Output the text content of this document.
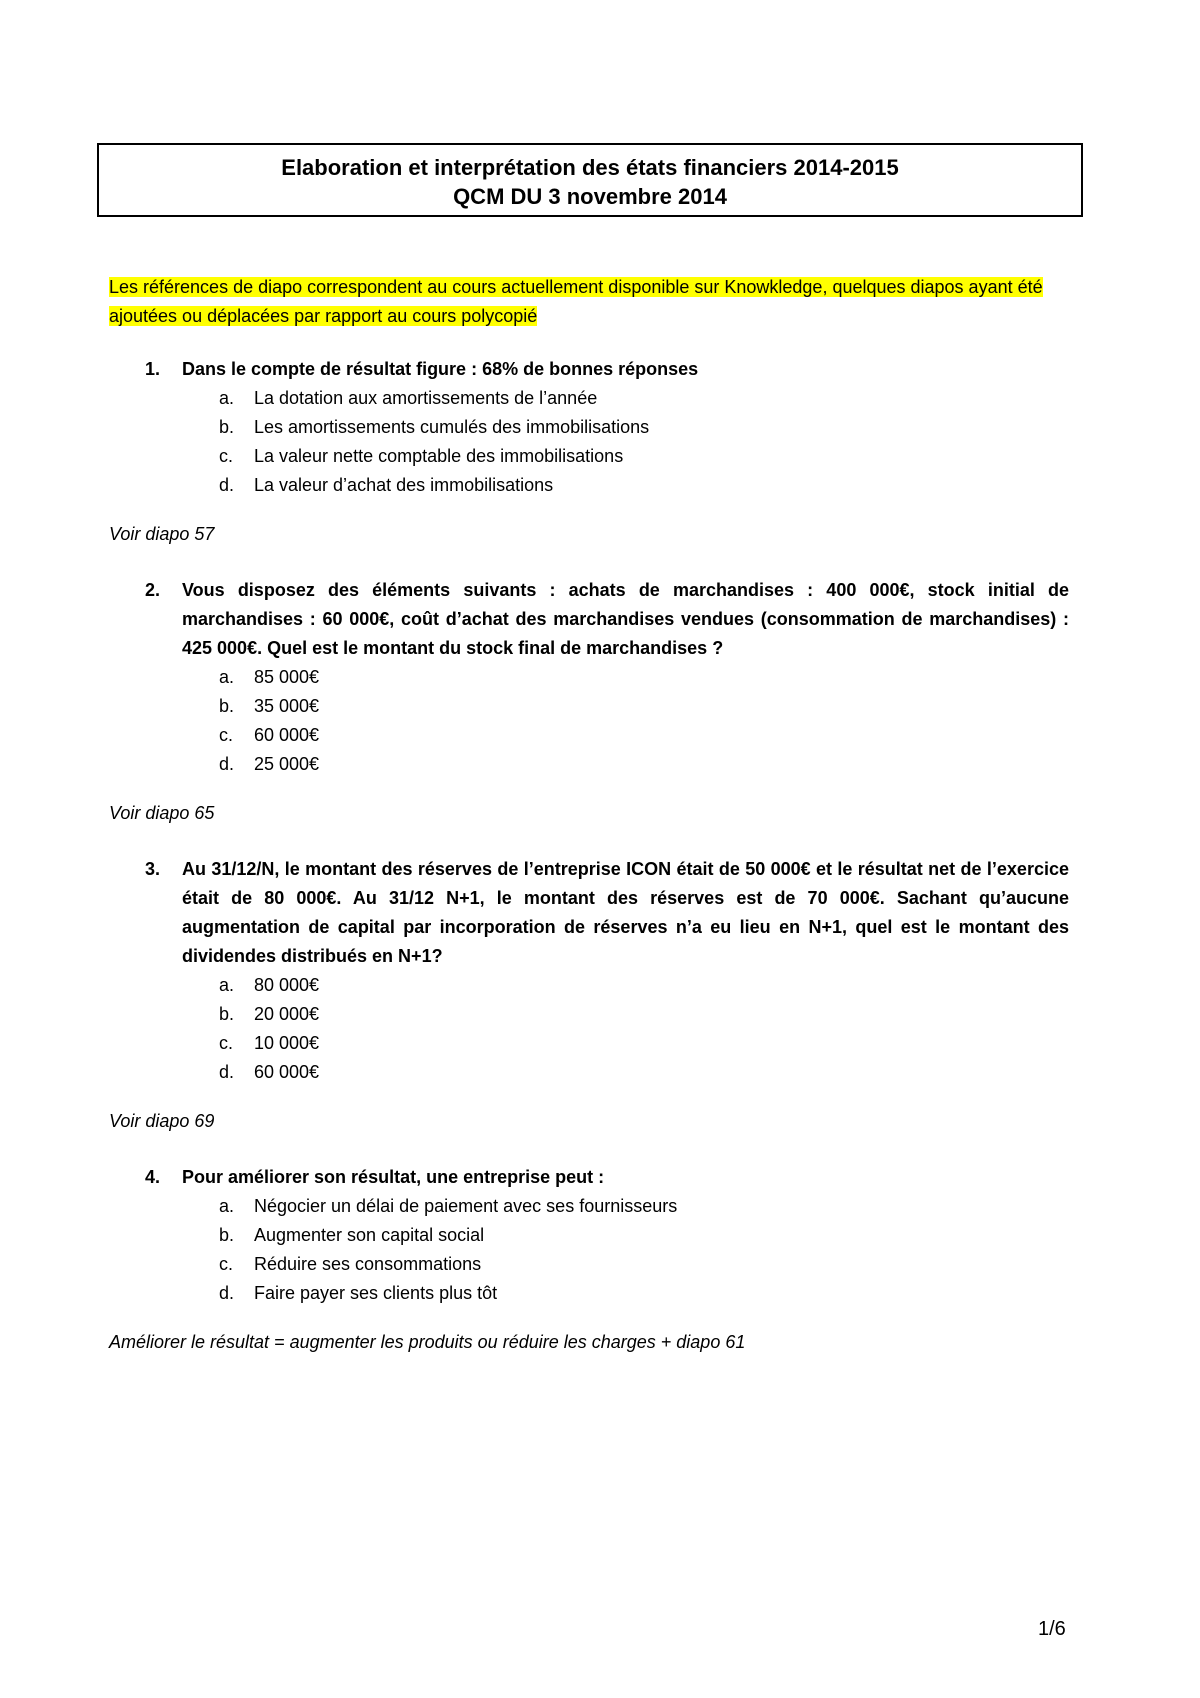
Elaboration et interprétation des états financiers 2014-2015
QCM DU 3 novembre 2014
Les références de diapo correspondent au cours actuellement disponible sur Knowkledge, quelques diapos ayant été ajoutées ou déplacées par rapport au cours polycopié
1. Dans le compte de résultat figure : 68% de bonnes réponses
a. La dotation aux amortissements de l’année
b. Les amortissements cumulés des immobilisations
c. La valeur nette comptable des immobilisations
d. La valeur d’achat des immobilisations
Voir diapo 57
2. Vous disposez des éléments suivants : achats de marchandises : 400 000€, stock initial de marchandises : 60 000€, coût d’achat des marchandises vendues (consommation de marchandises) : 425 000€. Quel est le montant du stock final de marchandises ?
a. 85 000€
b. 35 000€
c. 60 000€
d. 25 000€
Voir diapo 65
3. Au 31/12/N, le montant des réserves de l’entreprise ICON était de 50 000€ et le résultat net de l’exercice était de 80 000€. Au 31/12 N+1, le montant des réserves est de 70 000€. Sachant qu’aucune augmentation de capital par incorporation de réserves n’a eu lieu en N+1, quel est le montant des dividendes distribués en N+1?
a. 80 000€
b. 20 000€
c. 10 000€
d. 60 000€
Voir diapo 69
4. Pour améliorer son résultat, une entreprise peut :
a. Négocier un délai de paiement avec ses fournisseurs
b. Augmenter son capital social
c. Réduire ses consommations
d. Faire payer ses clients plus tôt
Améliorer le résultat = augmenter les produits ou réduire les charges + diapo 61
1/6
